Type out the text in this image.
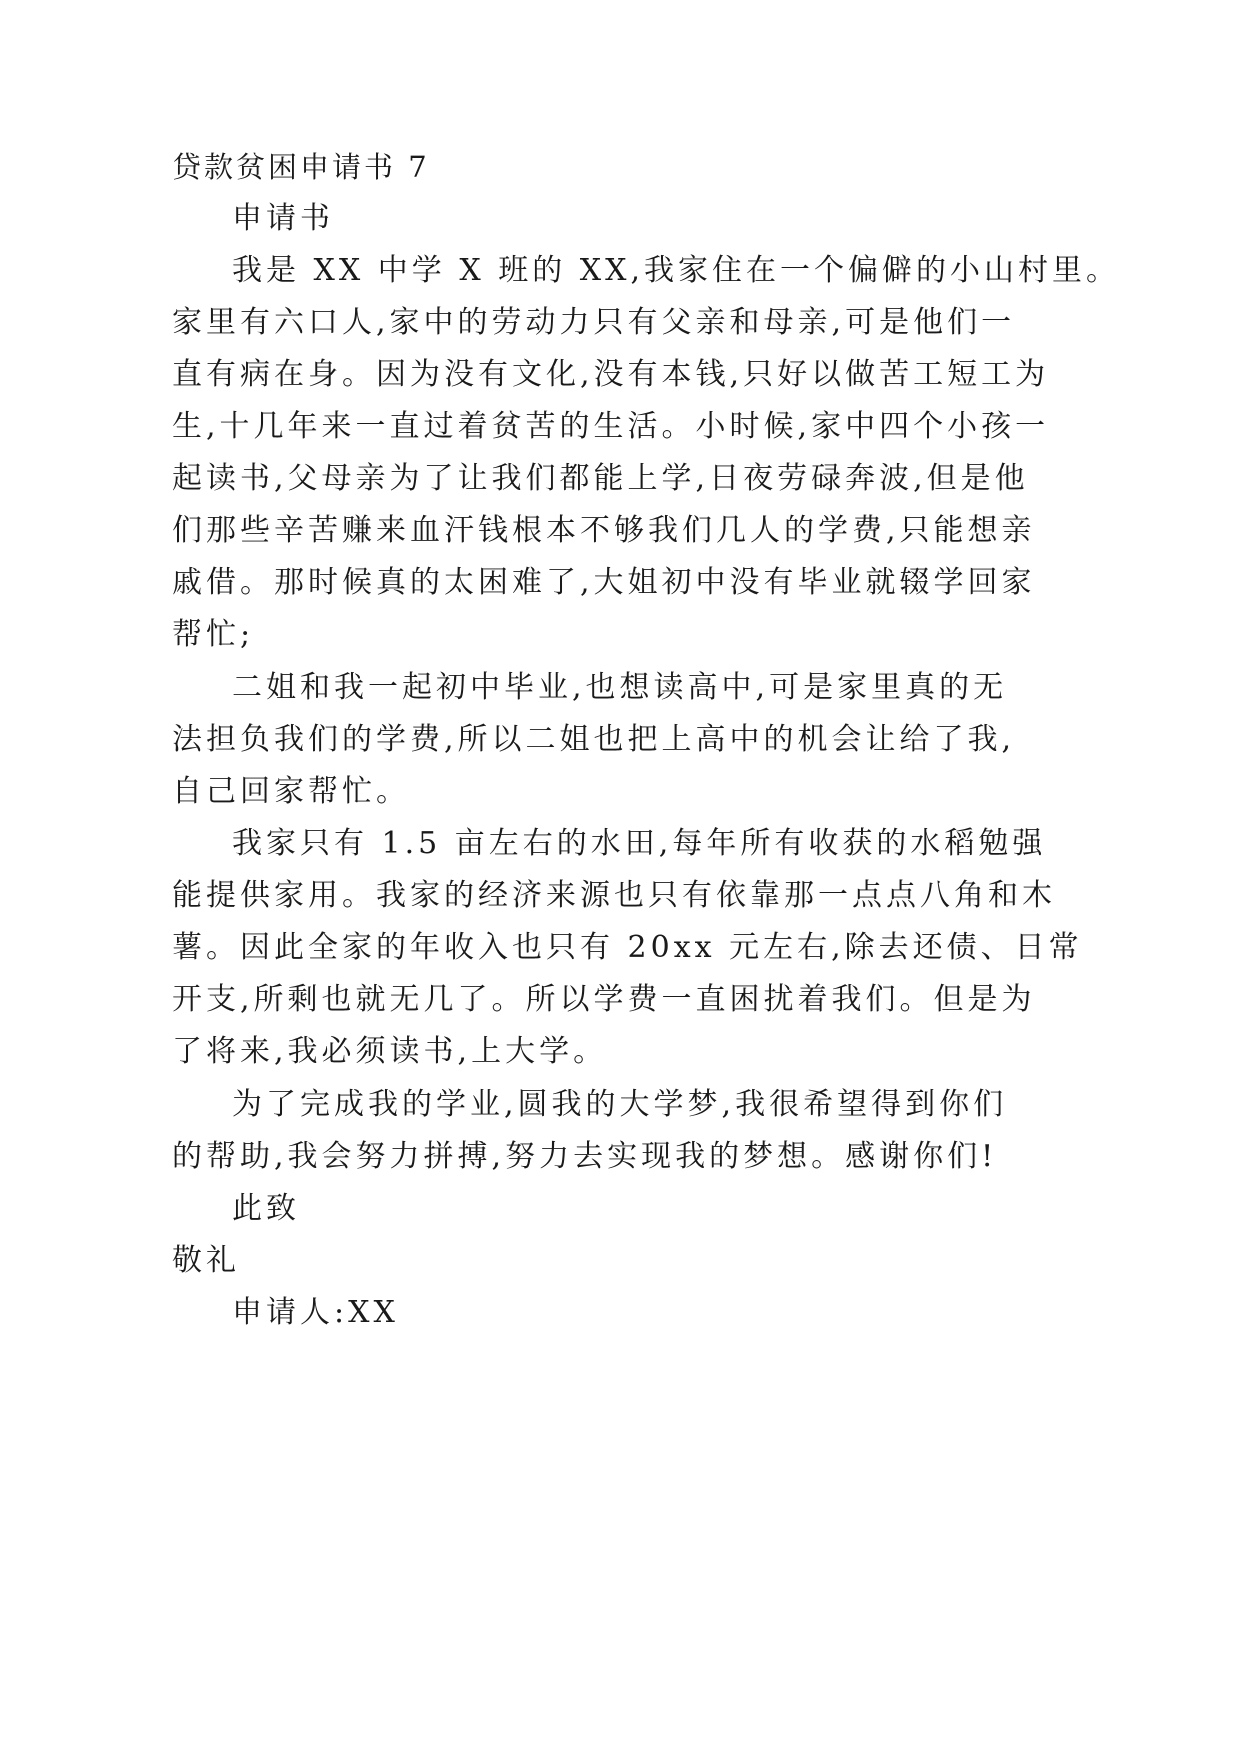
贷款贫困申请书 7
申请书
我是 XX 中学 X 班的 XX,我家住在一个偏僻的小山村里。
家里有六口人,家中的劳动力只有父亲和母亲,可是他们一
直有病在身。因为没有文化,没有本钱,只好以做苦工短工为
生,十几年来一直过着贫苦的生活。小时候,家中四个小孩一
起读书,父母亲为了让我们都能上学,日夜劳碌奔波,但是他
们那些辛苦赚来血汗钱根本不够我们几人的学费,只能想亲
戚借。那时候真的太困难了,大姐初中没有毕业就辍学回家
帮忙;
二姐和我一起初中毕业,也想读高中,可是家里真的无
法担负我们的学费,所以二姐也把上高中的机会让给了我,
自己回家帮忙。
我家只有 1.5 亩左右的水田,每年所有收获的水稻勉强
能提供家用。我家的经济来源也只有依靠那一点点八角和木
薯。因此全家的年收入也只有 20xx 元左右,除去还债、日常
开支,所剩也就无几了。所以学费一直困扰着我们。但是为
了将来,我必须读书,上大学。
为了完成我的学业,圆我的大学梦,我很希望得到你们
的帮助,我会努力拼搏,努力去实现我的梦想。感谢你们!
此致
敬礼
申请人:XX
